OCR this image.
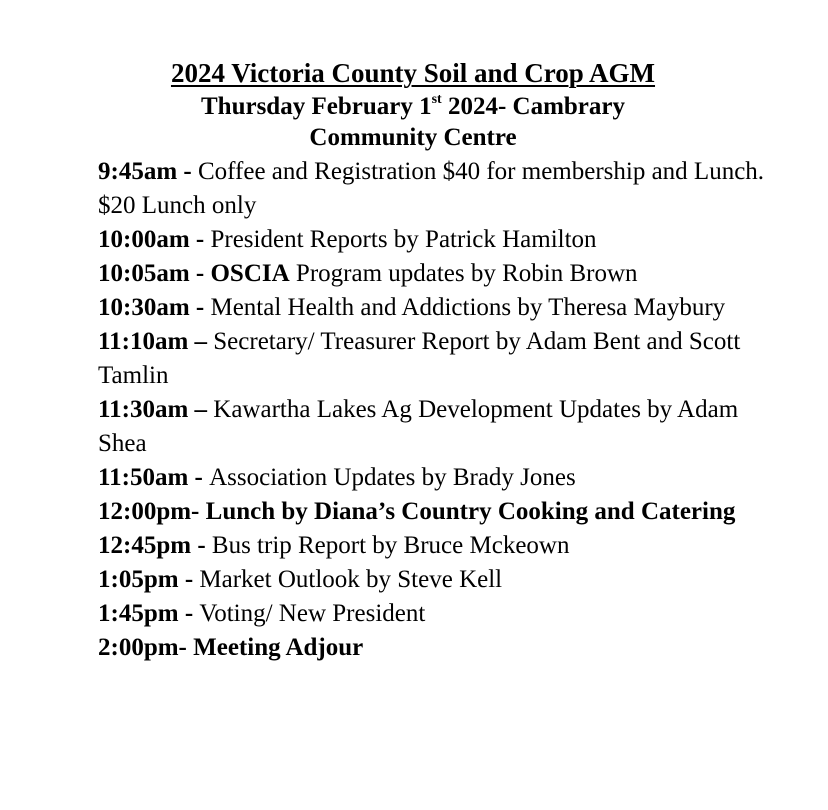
2024 Victoria County Soil and Crop AGM

Thursday February 1st 2024- Cambrary

Community Centre

9:45am - Coffee and Registration $40 for membership and Lunch. $20 Lunch only
10:00am - President Reports by Patrick Hamilton
10:05am - OSCIA Program updates by Robin Brown
10:30am - Mental Health and Addictions by Theresa Maybury
11:10am – Secretary/ Treasurer Report by Adam Bent and Scott Tamlin
11:30am – Kawartha Lakes Ag Development Updates by Adam Shea
11:50am - Association Updates by Brady Jones
12:00pm- Lunch by Diana’s Country Cooking and Catering
12:45pm - Bus trip Report by Bruce Mckeown
1:05pm - Market Outlook by Steve Kell
1:45pm - Voting/ New President
2:00pm- Meeting Adjour
